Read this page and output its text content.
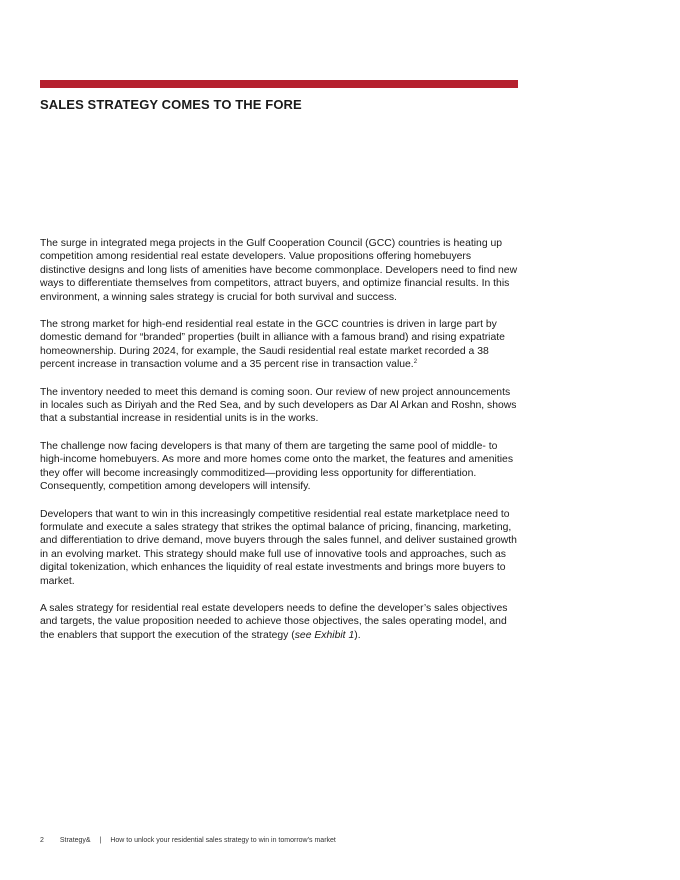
SALES STRATEGY COMES TO THE FORE

The surge in integrated mega projects in the Gulf Cooperation Council (GCC) countries is heating up competition among residential real estate developers. Value propositions offering homebuyers distinctive designs and long lists of amenities have become commonplace. Developers need to find new ways to differentiate themselves from competitors, attract buyers, and optimize financial results. In this environment, a winning sales strategy is crucial for both survival and success.

The strong market for high-end residential real estate in the GCC countries is driven in large part by domestic demand for “branded” properties (built in alliance with a famous brand) and rising expatriate homeownership. During 2024, for example, the Saudi residential real estate market recorded a 38 percent increase in transaction volume and a 35 percent rise in transaction value.$^2$

The inventory needed to meet this demand is coming soon. Our review of new project announcements in locales such as Diriyah and the Red Sea, and by such developers as Dar Al Arkan and Roshn, shows that a substantial increase in residential units is in the works.

The challenge now facing developers is that many of them are targeting the same pool of middle- to high-income homebuyers. As more and more homes come onto the market, the features and amenities they offer will become increasingly commoditized—providing less opportunity for differentiation. Consequently, competition among developers will intensify.

Developers that want to win in this increasingly competitive residential real estate marketplace need to formulate and execute a sales strategy that strikes the optimal balance of pricing, financing, marketing, and differentiation to drive demand, move buyers through the sales funnel, and deliver sustained growth in an evolving market. This strategy should make full use of innovative tools and approaches, such as digital tokenization, which enhances the liquidity of real estate investments and brings more buyers to market.

A sales strategy for residential real estate developers needs to define the developer’s sales objectives and targets, the value proposition needed to achieve those objectives, the sales operating model, and the enablers that support the execution of the strategy (see Exhibit 1).

2 Strategy& | How to unlock your residential sales strategy to win in tomorrow’s market
